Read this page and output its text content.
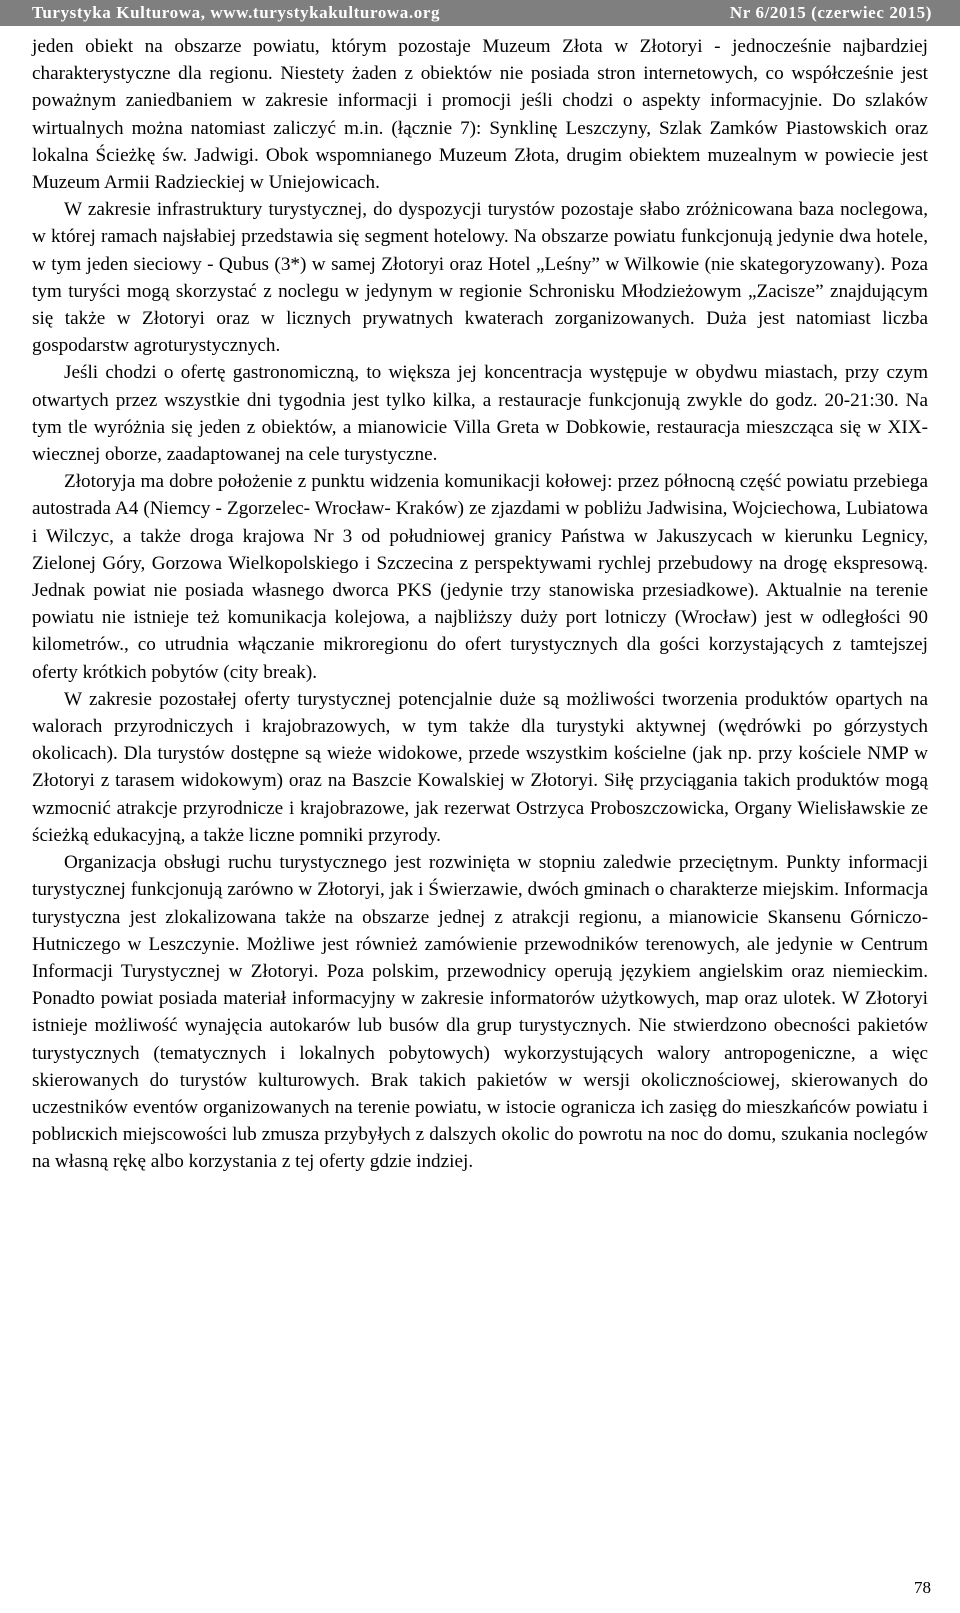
Turystyka Kulturowa, www.turystykakulturowa.org	Nr 6/2015 (czerwiec 2015)

jeden obiekt na obszarze powiatu, którym pozostaje Muzeum Złota w Złotoryi - jednocześnie najbardziej charakterystyczne dla regionu. Niestety żaden z obiektów nie posiada stron internetowych, co współcześnie jest poważnym zaniedbaniem w zakresie informacji i promocji jeśli chodzi o aspekty informacyjnie. Do szlaków wirtualnych można natomiast zaliczyć m.in. (łącznie 7): Synklinę Leszczyny, Szlak Zamków Piastowskich oraz lokalna Ścieżkę św. Jadwigi. Obok wspomnianego Muzeum Złota, drugim obiektem muzealnym w powiecie jest Muzeum Armii Radzieckiej w Uniejowicach.

W zakresie infrastruktury turystycznej, do dyspozycji turystów pozostaje słabo zróżnicowana baza noclegowa, w której ramach najsłabiej przedstawia się segment hotelowy. Na obszarze powiatu funkcjonują jedynie dwa hotele, w tym jeden sieciowy - Qubus (3*) w samej Złotoryi oraz Hotel „Leśny” w Wilkowie (nie skategoryzowany). Poza tym turyści mogą skorzystać z noclegu w jedynym w regionie Schronisku Młodzieżowym „Zacisze” znajdującym się także w Złotoryi oraz w licznych prywatnych kwaterach zorganizowanych. Duża jest natomiast liczba gospodarstw agroturystycznych.

Jeśli chodzi o ofertę gastronomiczną, to większa jej koncentracja występuje w obydwu miastach, przy czym otwartych przez wszystkie dni tygodnia jest tylko kilka, a restauracje funkcjonują zwykle do godz. 20-21:30. Na tym tle wyróżnia się jeden z obiektów, a mianowicie Villa Greta w Dobkowie, restauracja mieszcząca się w XIX-wiecznej oborze, zaadaptowanej na cele turystyczne.

Złotoryja ma dobre położenie z punktu widzenia komunikacji kołowej: przez północną część powiatu przebiega autostrada A4 (Niemcy - Zgorzelec- Wrocław- Kraków) ze zjazdami w pobliżu Jadwisina, Wojciechowa, Lubiatowa i Wilczyc, a także droga krajowa Nr 3 od południowej granicy Państwa w Jakuszycach w kierunku Legnicy, Zielonej Góry, Gorzowa Wielkopolskiego i Szczecina z perspektywami rychlej przebudowy na drogę ekspresową. Jednak powiat nie posiada własnego dworca PKS (jedynie trzy stanowiska przesiadkowe). Aktualnie na terenie powiatu nie istnieje też komunikacja kolejowa, a najbliższy duży port lotniczy (Wrocław) jest w odległości 90 kilometrów., co utrudnia włączanie mikroregionu do ofert turystycznych dla gości korzystających z tamtejszej oferty krótkich pobytów (city break).

W zakresie pozostałej oferty turystycznej potencjalnie duże są możliwości tworzenia produktów opartych na walorach przyrodniczych i krajobrazowych, w tym także dla turystyki aktywnej (wędrówki po górzystych okolicach). Dla turystów dostępne są wieże widokowe, przede wszystkim kościelne (jak np. przy kościele NMP w Złotoryi z tarasem widokowym) oraz na Baszcie Kowalskiej w Złotoryi. Siłę przyciągania takich produktów mogą wzmocnić atrakcje przyrodnicze i krajobrazowe, jak rezerwat Ostrzyca Proboszczowicka, Organy Wielisławskie ze ścieżką edukacyjną, a także liczne pomniki przyrody.

Organizacja obsługi ruchu turystycznego jest rozwinięta w stopniu zaledwie przeciętnym. Punkty informacji turystycznej funkcjonują zarówno w Złotoryi, jak i Świerzawie, dwóch gminach o charakterze miejskim. Informacja turystyczna jest zlokalizowana także na obszarze jednej z atrakcji regionu, a mianowicie Skansenu Górniczo-Hutniczego w Leszczynie. Możliwe jest również zamówienie przewodników terenowych, ale jedynie w Centrum Informacji Turystycznej w Złotoryi. Poza polskim, przewodnicy operują językiem angielskim oraz niemieckim. Ponadto powiat posiada materiał informacyjny w zakresie informatorów użytkowych, map oraz ulotek. W Złotoryi istnieje możliwość wynajęcia autokarów lub busów dla grup turystycznych. Nie stwierdzono obecności pakietów turystycznych (tematycznych i lokalnych pobytowych) wykorzystujących walory antropogeniczne, a więc skierowanych do turystów kulturowych. Brak takich pakietów w wersji okolicznościowej, skierowanych do uczestników eventów organizowanych na terenie powiatu, w istocie ogranicza ich zasięg do mieszkańców powiatu i poblискich miejscowości lub zmusza przybyłych z dalszych okolic do powrotu na noc do domu, szukania noclegów na własną rękę albo korzystania z tej oferty gdzie indziej.

78
